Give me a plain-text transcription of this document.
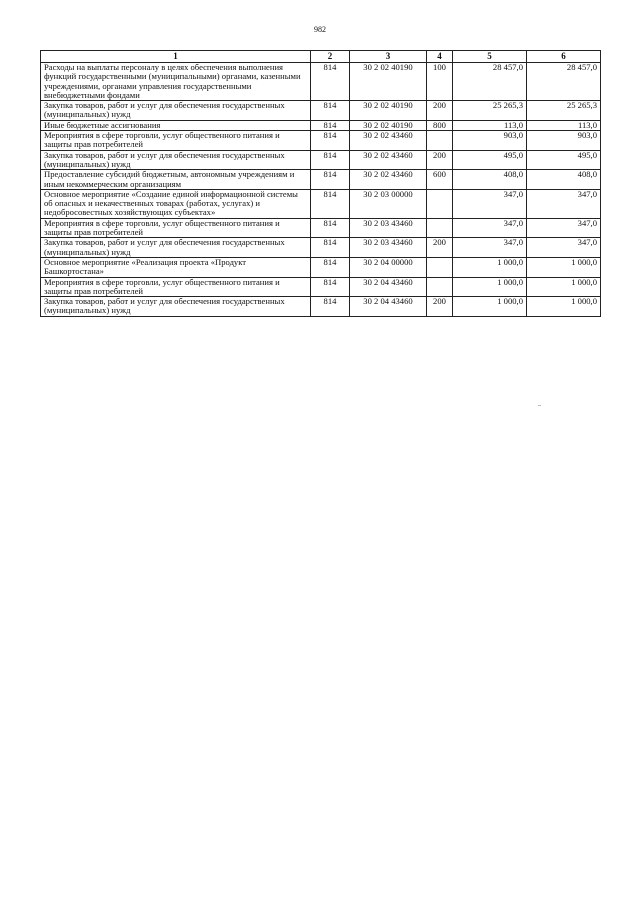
982
1	2	3	4	5	6
Расходы на выплаты персоналу в целях обеспечения выполнения функций государственными (муниципальными) органами, казенными учреждениями, органами управления государственными внебюджетными фондами	814	30 2 02 40190	100	28 457,0	28 457,0
Закупка товаров, работ и услуг для обеспечения государственных (муниципальных) нужд	814	30 2 02 40190	200	25 265,3	25 265,3
Иные бюджетные ассигнования	814	30 2 02 40190	800	113,0	113,0
Мероприятия в сфере торговли, услуг общественного питания и защиты прав потребителей	814	30 2 02 43460		903,0	903,0
Закупка товаров, работ и услуг для обеспечения государственных (муниципальных) нужд	814	30 2 02 43460	200	495,0	495,0
Предоставление субсидий бюджетным, автономным учреждениям и иным некоммерческим организациям	814	30 2 02 43460	600	408,0	408,0
Основное мероприятие «Создание единой информационной системы об опасных и некачественных товарах (работах, услугах) и недобросовестных хозяйствующих субъектах»	814	30 2 03 00000		347,0	347,0
Мероприятия в сфере торговли, услуг общественного питания и защиты прав потребителей	814	30 2 03 43460		347,0	347,0
Закупка товаров, работ и услуг для обеспечения государственных (муниципальных) нужд	814	30 2 03 43460	200	347,0	347,0
Основное мероприятие «Реализация проекта «Продукт Башкортостана»	814	30 2 04 00000		1 000,0	1 000,0
Мероприятия в сфере торговли, услуг общественного питания и защиты прав потребителей	814	30 2 04 43460		1 000,0	1 000,0
Закупка товаров, работ и услуг для обеспечения государственных (муниципальных) нужд	814	30 2 04 43460	200	1 000,0	1 000,0
